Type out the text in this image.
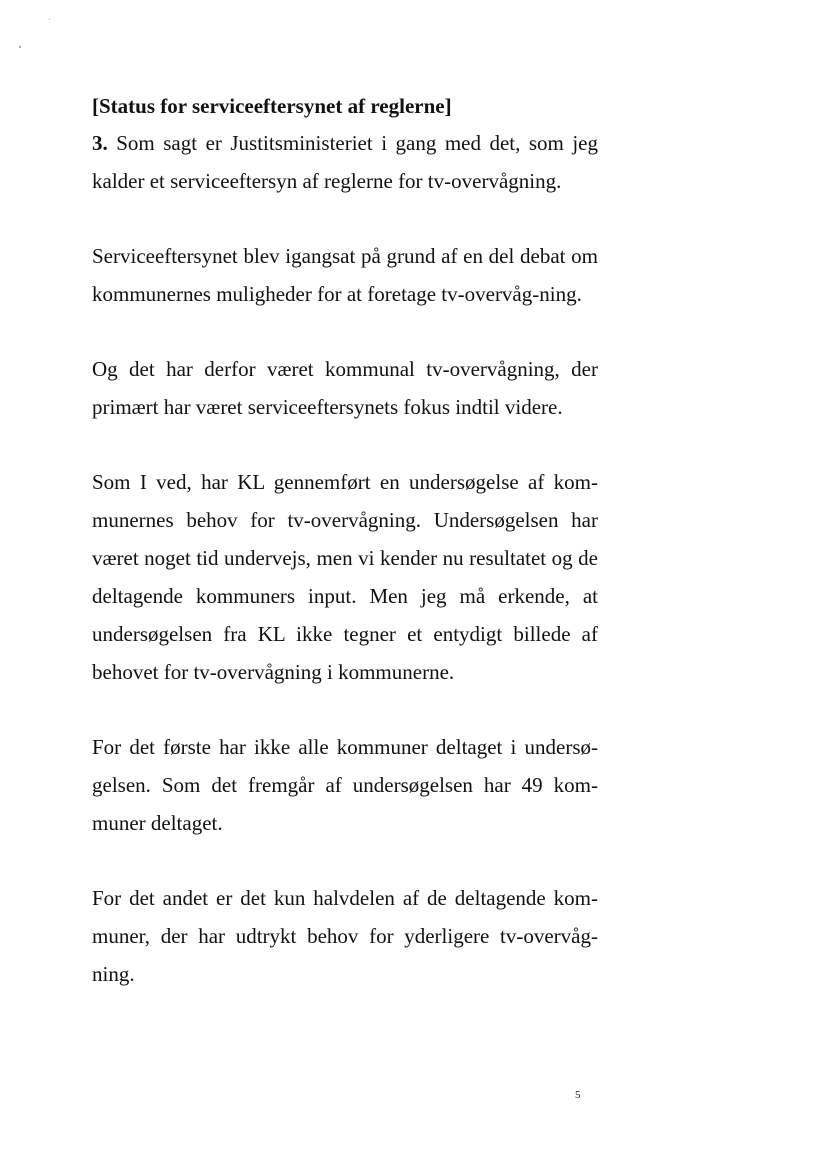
[Status for serviceeftersynet af reglerne]

3. Som sagt er Justitsministeriet i gang med det, som jeg kalder et serviceeftersyn af reglerne for tv-overvågning.

Serviceeftersynet blev igangsat på grund af en del debat om kommunernes muligheder for at foretage tv-overvåg-ning.

Og det har derfor været kommunal tv-overvågning, der primært har været serviceeftersynets fokus indtil videre.

Som I ved, har KL gennemført en undersøgelse af kom-munernes behov for tv-overvågning. Undersøgelsen har været noget tid undervejs, men vi kender nu resultatet og de deltagende kommuners input. Men jeg må erkende, at undersøgelsen fra KL ikke tegner et entydigt billede af behovet for tv-overvågning i kommunerne.

For det første har ikke alle kommuner deltaget i undersø-gelsen. Som det fremgår af undersøgelsen har 49 kom-muner deltaget.

For det andet er det kun halvdelen af de deltagende kom-muner, der har udtrykt behov for yderligere tv-overvåg-ning.

5
